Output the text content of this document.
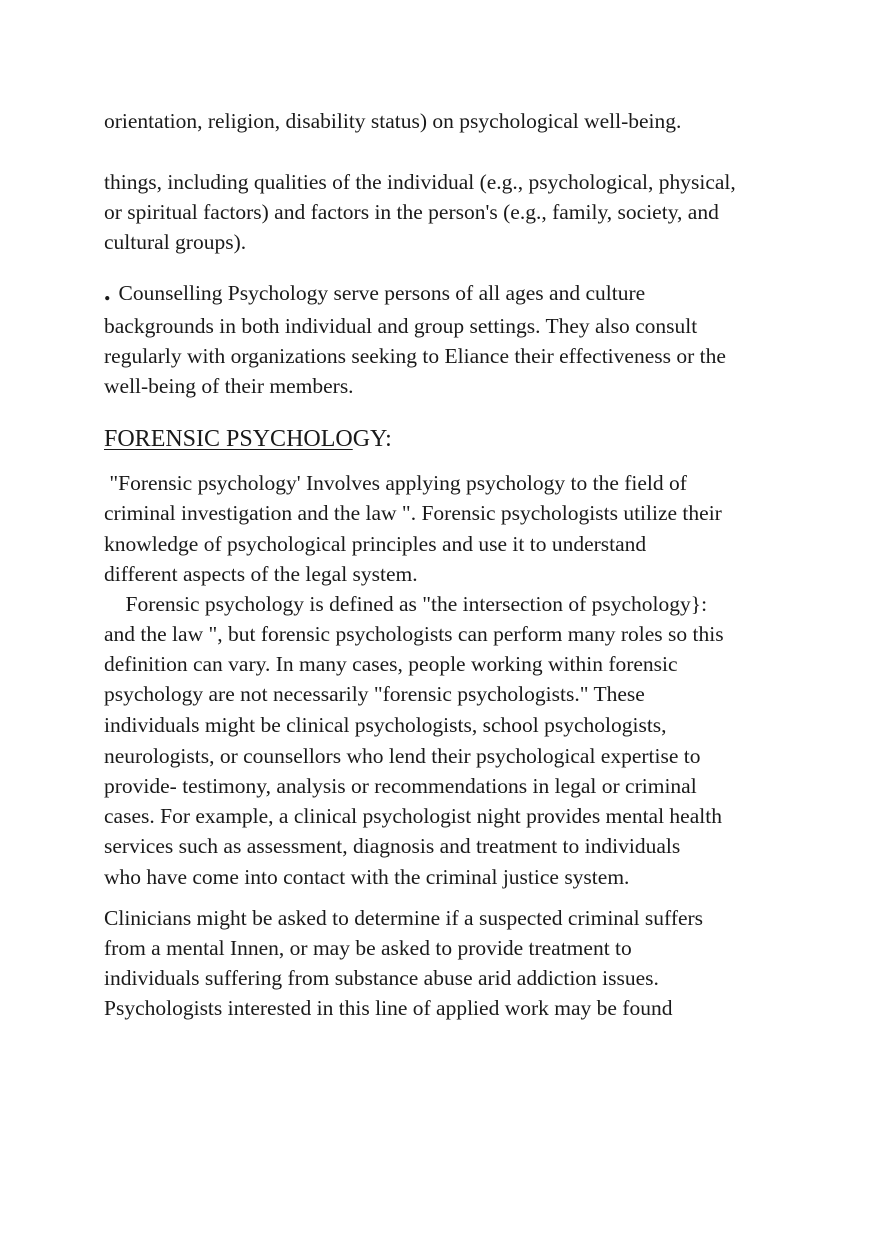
orientation, religion, disability status) on psychological well-being.
things, including qualities of the individual (e.g., psychological, physical,
or spiritual factors) and factors in the person's (e.g., family, society, and
cultural groups).
. Counselling Psychology serve persons of all ages and culture
backgrounds in both individual and group settings. They also consult
regularly with organizations seeking to Eliance their effectiveness or the
well-being of their members.
FORENSIC PSYCHOLOGY:
"Forensic psychology' Involves applying psychology to the field of
criminal investigation and the law ". Forensic psychologists utilize their
knowledge of psychological principles and use it to understand
different aspects of the legal system.
Forensic psychology is defined as "the intersection of psychology}:
and the law ", but forensic psychologists can perform many roles so this
definition can vary. In many cases, people working within forensic
psychology are not necessarily "forensic psychologists." These
individuals might be clinical psychologists, school psychologists,
neurologists, or counsellors who lend their psychological expertise to
provide- testimony, analysis or recommendations in legal or criminal
cases. For example, a clinical psychologist night provides mental health
services such as assessment, diagnosis and treatment to individuals
who have come into contact with the criminal justice system.
Clinicians might be asked to determine if a suspected criminal suffers
from a mental Innen, or may be asked to provide treatment to
individuals suffering from substance abuse arid addiction issues.
Psychologists interested in this line of applied work may be found
